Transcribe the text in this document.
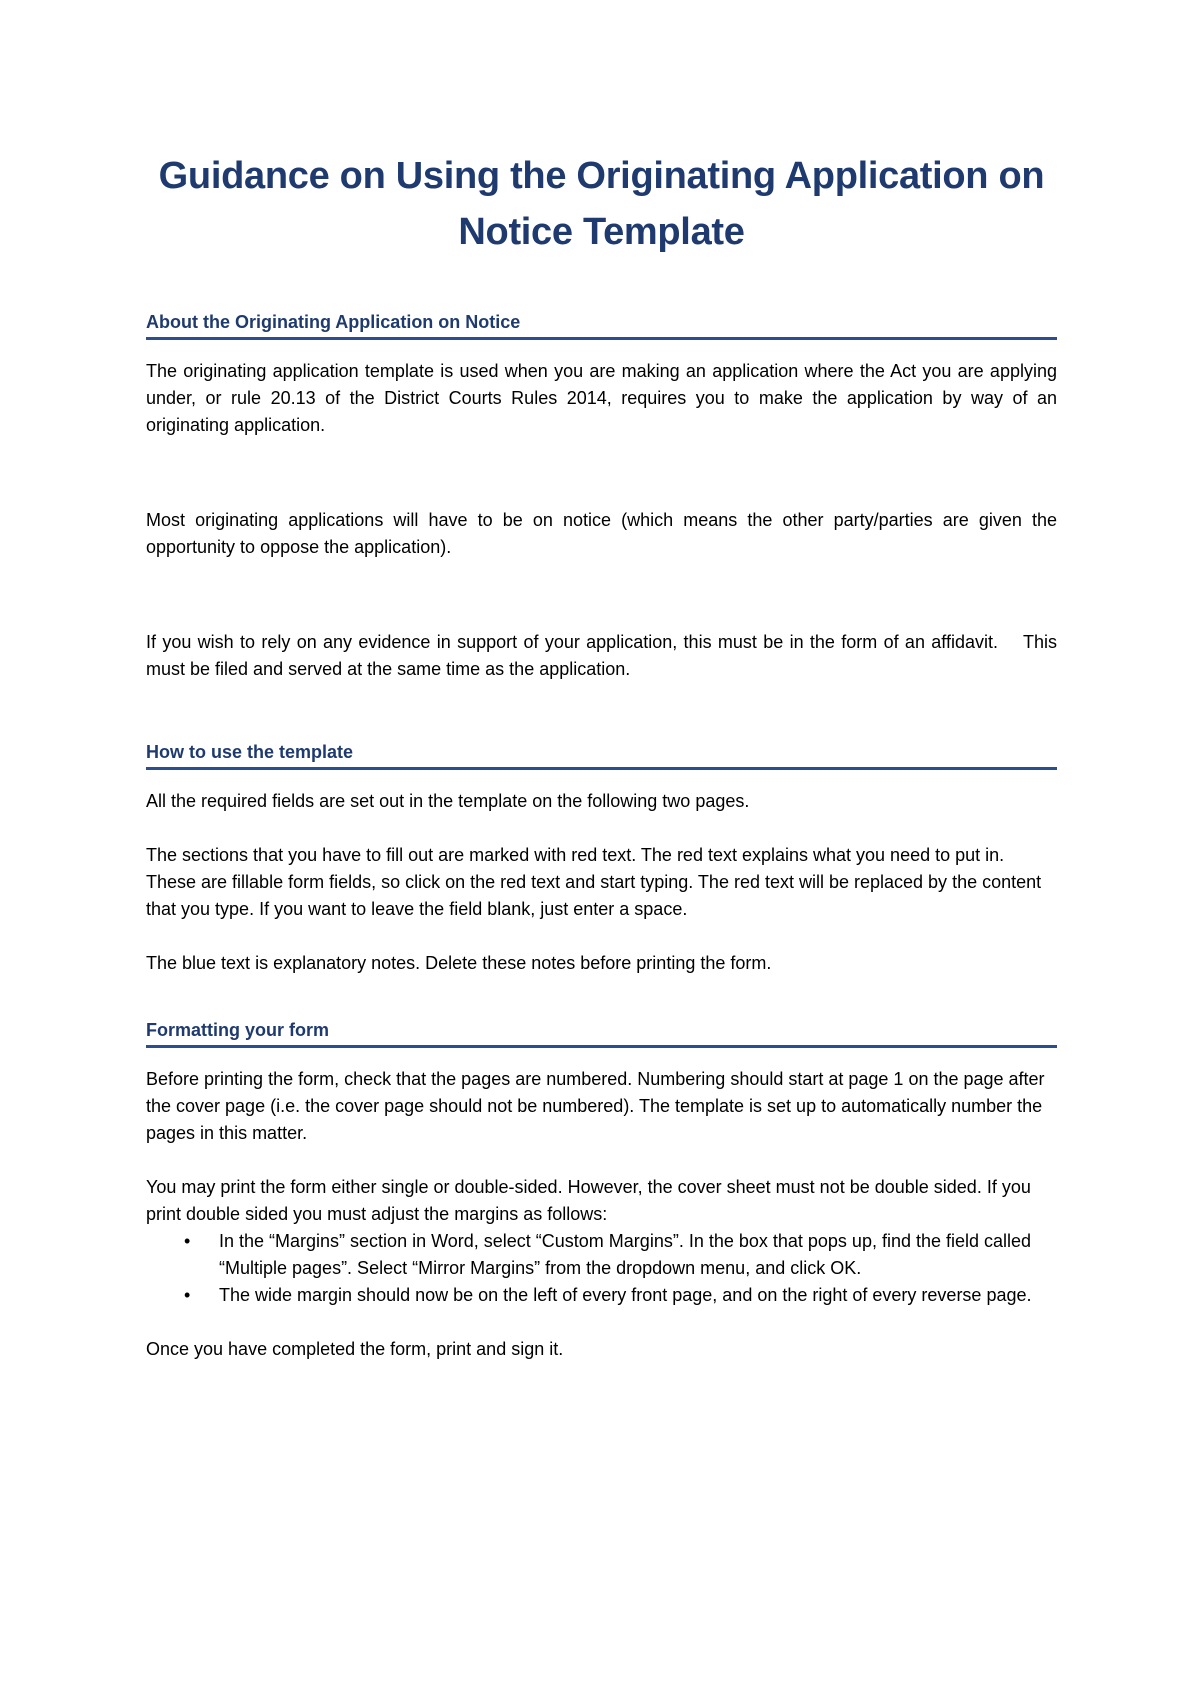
Guidance on Using the Originating Application on
Notice Template
About the Originating Application on Notice

The originating application template is used when you are making an application where the Act you are applying under, or rule 20.13 of the District Courts Rules 2014, requires you to make the application by way of an originating application.

Most originating applications will have to be on notice (which means the other party/parties are given the opportunity to oppose the application).

If you wish to rely on any evidence in support of your application, this must be in the form of an affidavit.    This must be filed and served at the same time as the application.

How to use the template

All the required fields are set out in the template on the following two pages.

The sections that you have to fill out are marked with red text. The red text explains what you need to put in. These are fillable form fields, so click on the red text and start typing. The red text will be replaced by the content that you type. If you want to leave the field blank, just enter a space.

The blue text is explanatory notes. Delete these notes before printing the form.

Formatting your form

Before printing the form, check that the pages are numbered. Numbering should start at page 1 on the page after the cover page (i.e. the cover page should not be numbered). The template is set up to automatically number the pages in this matter.

You may print the form either single or double-sided. However, the cover sheet must not be double sided. If you print double sided you must adjust the margins as follows:

• In the “Margins” section in Word, select “Custom Margins”. In the box that pops up, find the field called “Multiple pages”. Select “Mirror Margins” from the dropdown menu, and click OK.
• The wide margin should now be on the left of every front page, and on the right of every reverse page.

Once you have completed the form, print and sign it.
